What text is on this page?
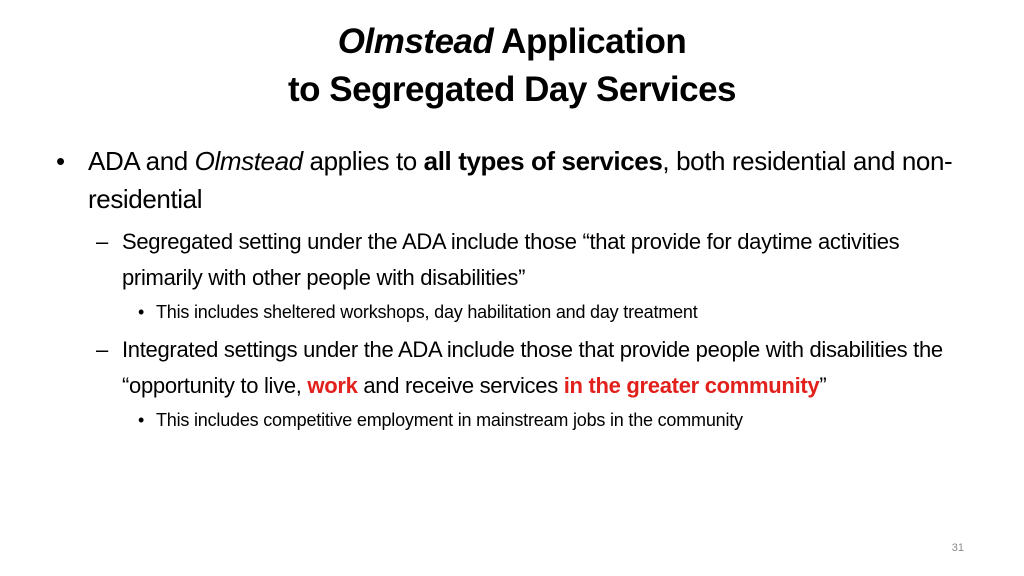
Olmstead Application
to Segregated Day Services
• ADA and Olmstead applies to all types of services, both residential and non-residential
– Segregated setting under the ADA include those “that provide for daytime activities primarily with other people with disabilities”
• This includes sheltered workshops, day habilitation and day treatment
– Integrated settings under the ADA include those that provide people with disabilities the “opportunity to live, work and receive services in the greater community”
• This includes competitive employment in mainstream jobs in the community
31
